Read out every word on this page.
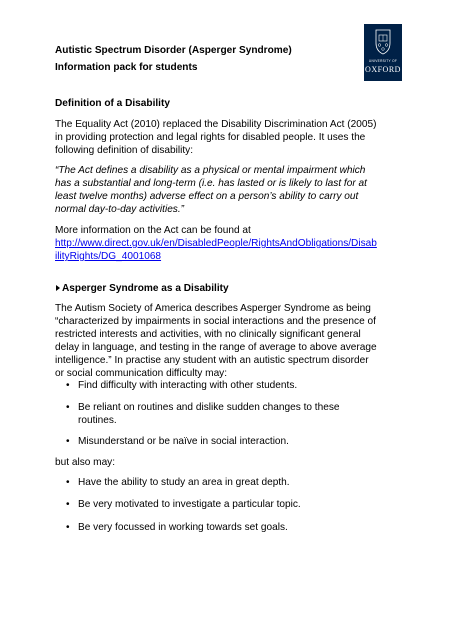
UNIVERSITY OF
OXFORD
Autistic Spectrum Disorder (Asperger Syndrome)
Information pack for students
Definition of a Disability
The Equality Act (2010) replaced the Disability Discrimination Act (2005)
in providing protection and legal rights for disabled people. It uses the
following definition of disability:
“The Act defines a disability as a physical or mental impairment which
has a substantial and long-term (i.e. has lasted or is likely to last for at
least twelve months) adverse effect on a person’s ability to carry out
normal day-to-day activities.”
More information on the Act can be found at
http://www.direct.gov.uk/en/DisabledPeople/RightsAndObligations/Disab
ilityRights/DG_4001068
Asperger Syndrome as a Disability
The Autism Society of America describes Asperger Syndrome as being
“characterized by impairments in social interactions and the presence of
restricted interests and activities, with no clinically significant general
delay in language, and testing in the range of average to above average
intelligence.” In practise any student with an autistic spectrum disorder
or social communication difficulty may:
• Find difficulty with interacting with other students.
• Be reliant on routines and dislike sudden changes to these
routines.
• Misunderstand or be naïve in social interaction.
but also may:
• Have the ability to study an area in great depth.
• Be very motivated to investigate a particular topic.
• Be very focussed in working towards set goals.
